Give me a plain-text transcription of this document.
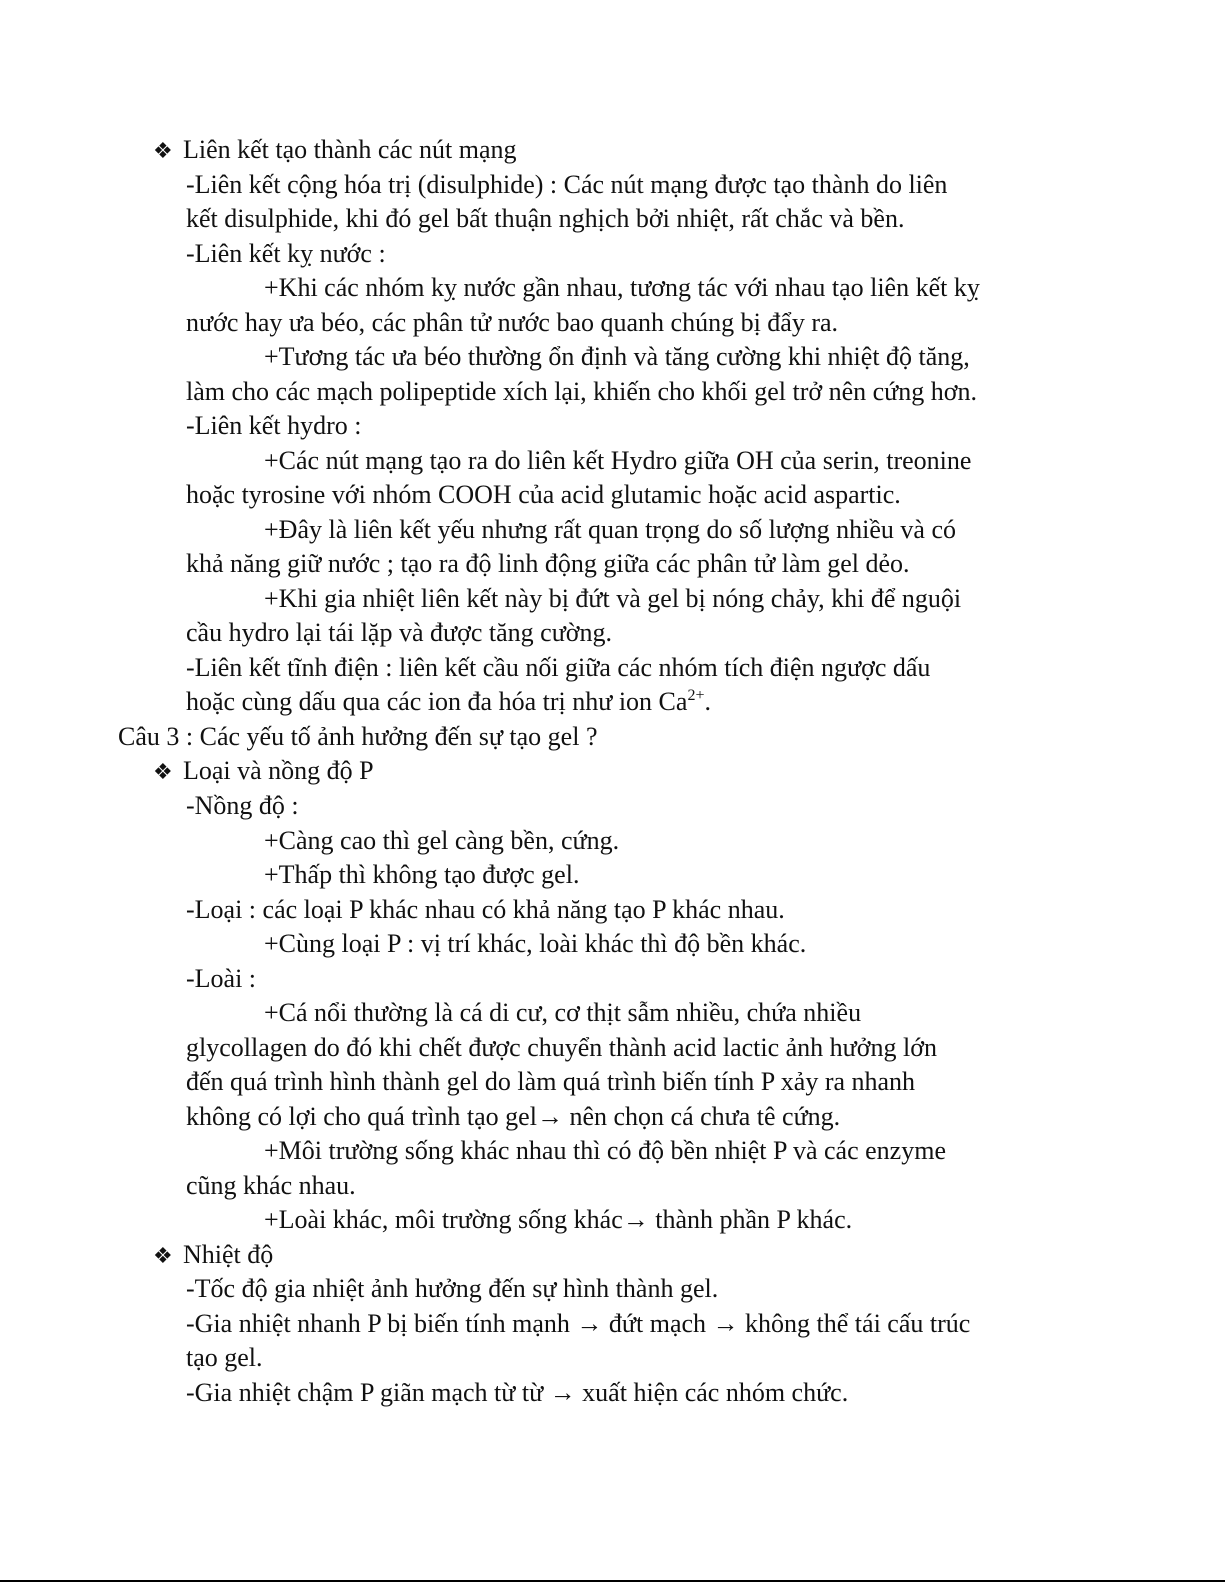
❖ Liên kết tạo thành các nút mạng
-Liên kết cộng hóa trị (disulphide) : Các nút mạng được tạo thành do liên
kết disulphide, khi đó gel bất thuận nghịch bởi nhiệt, rất chắc và bền.
-Liên kết kỵ nước :
+Khi các nhóm kỵ nước gần nhau, tương tác với nhau tạo liên kết kỵ
nước hay ưa béo, các phân tử nước bao quanh chúng bị đẩy ra.
+Tương tác ưa béo thường ổn định và tăng cường khi nhiệt độ tăng,
làm cho các mạch polipeptide xích lại, khiến cho khối gel trở nên cứng hơn.
-Liên kết hydro :
+Các nút mạng tạo ra do liên kết Hydro giữa OH của serin, treonine
hoặc tyrosine với nhóm COOH của acid glutamic hoặc acid aspartic.
+Đây là liên kết yếu nhưng rất quan trọng do số lượng nhiều và có
khả năng giữ nước ; tạo ra độ linh động giữa các phân tử làm gel dẻo.
+Khi gia nhiệt liên kết này bị đứt và gel bị nóng chảy, khi để nguội
cầu hydro lại tái lặp và được tăng cường.
-Liên kết tĩnh điện : liên kết cầu nối giữa các nhóm tích điện ngược dấu
hoặc cùng dấu qua các ion đa hóa trị như ion $Ca^{2+}$.
Câu 3 : Các yếu tố ảnh hưởng đến sự tạo gel ?
❖ Loại và nồng độ P
-Nồng độ :
+Càng cao thì gel càng bền, cứng.
+Thấp thì không tạo được gel.
-Loại : các loại P khác nhau có khả năng tạo P khác nhau.
+Cùng loại P : vị trí khác, loài khác thì độ bền khác.
-Loài :
+Cá nổi thường là cá di cư, cơ thịt sẫm nhiều, chứa nhiều
glycollagen do đó khi chết được chuyển thành acid lactic ảnh hưởng lớn
đến quá trình hình thành gel do làm quá trình biến tính P xảy ra nhanh
không có lợi cho quá trình tạo gel→ nên chọn cá chưa tê cứng.
+Môi trường sống khác nhau thì có độ bền nhiệt P và các enzyme
cũng khác nhau.
+Loài khác, môi trường sống khác→ thành phần P khác.
❖ Nhiệt độ
-Tốc độ gia nhiệt ảnh hưởng đến sự hình thành gel.
-Gia nhiệt nhanh P bị biến tính mạnh → đứt mạch → không thể tái cấu trúc
tạo gel.
-Gia nhiệt chậm P giãn mạch từ từ → xuất hiện các nhóm chức.
